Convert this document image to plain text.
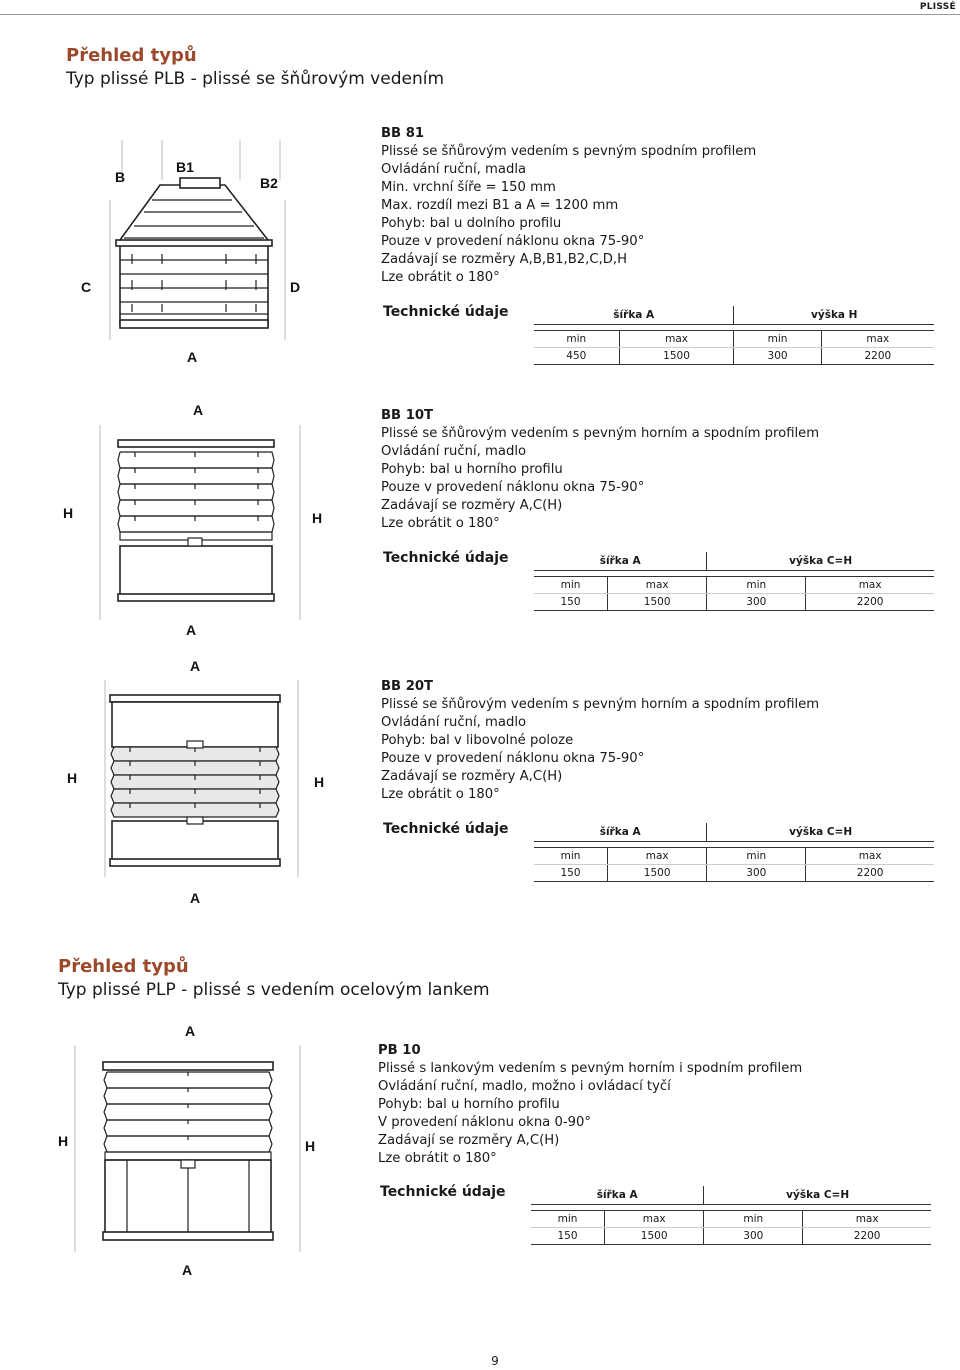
PLISSÉ
Přehled typů
Typ plissé PLB - plissé se šňůrovým vedením
B
B1
B2
C	D
A
BB 81
Plissé se šňůrovým vedením s pevným spodním profilem
Ovládání ruční, madla
Min. vrchní šíře = 150 mm
Max. rozdíl mezi B1 a A = 1200 mm
Pohyb: bal u dolního profilu
Pouze v provedení náklonu okna 75-90°
Zadávají se rozměry A,B,B1,B2,C,D,H
Lze obrátit o 180°
Technické údaje	šířka A		výška H	

min	max	min	max
450	1500	300	2200
A
H	H
A
BB 10T
Plissé se šňůrovým vedením s pevným horním a spodním profilem
Ovládání ruční, madlo
Pohyb: bal u horního profilu
Pouze v provedení náklonu okna 75-90°
Zadávají se rozměry A,C(H)
Lze obrátit o 180°
Technické údaje	šířka A		výška C=H	

min	max	min	max
150	1500	300	2200
A
H	H
A
BB 20T
Plissé se šňůrovým vedením s pevným horním a spodním profilem
Ovládání ruční, madlo
Pohyb: bal v libovolné poloze
Pouze v provedení náklonu okna 75-90°
Zadávají se rozměry A,C(H)
Lze obrátit o 180°
Technické údaje	šířka A		výška C=H	

min	max	min	max
150	1500	300	2200
Přehled typů
Typ plissé PLP - plissé s vedením ocelovým lankem
A
H	H
A
PB 10
Plissé s lankovým vedením s pevným horním i spodním profilem
Ovládání ruční, madlo, možno i ovládací tyčí
Pohyb: bal u horního profilu
V provedení náklonu okna 0-90°
Zadávají se rozměry A,C(H)
Lze obrátit o 180°
Technické údaje	šířka A		výška C=H	

min	max	min	max
150	1500	300	2200
9
